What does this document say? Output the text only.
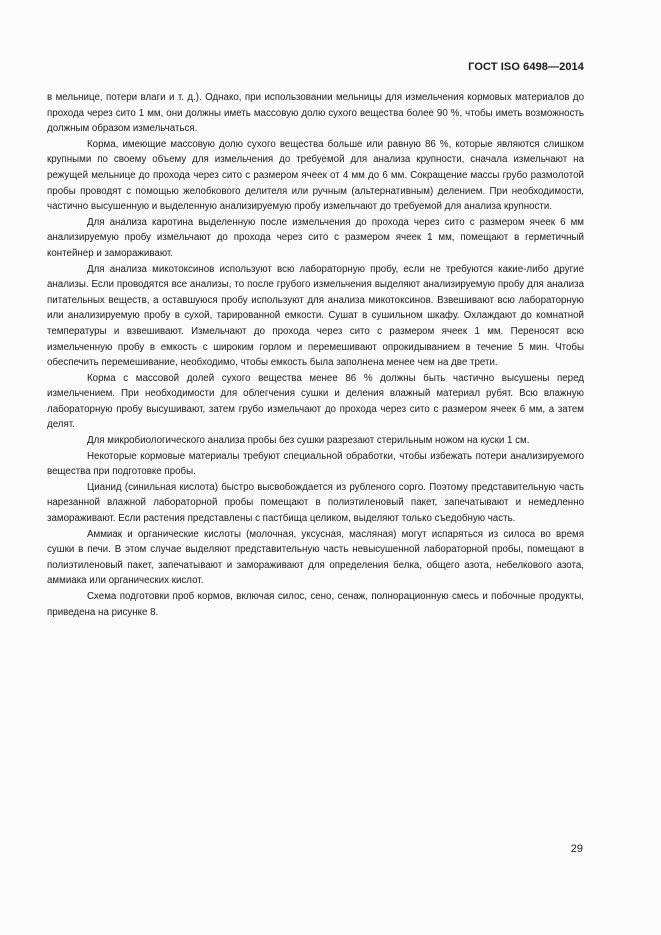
ГОСТ ISO 6498—2014

в мельнице, потери влаги и т. д.). Однако, при использовании мельницы для измельчения кормовых материалов до прохода через сито 1 мм, они должны иметь массовую долю сухого вещества более 90 %, чтобы иметь возможность должным образом измельчаться.

Корма, имеющие массовую долю сухого вещества больше или равную 86 %, которые являются слишком крупными по своему объему для измельчения до требуемой для анализа крупности, сначала измельчают на режущей мельнице до прохода через сито с размером ячеек от 4 мм до 6 мм. Сокращение массы грубо размолотой пробы проводят с помощью желобкового делителя или ручным (альтернативным) делением. При необходимости, частично высушенную и выделенную анализируемую пробу измельчают до требуемой для анализа крупности.

Для анализа каротина выделенную после измельчения до прохода через сито с размером ячеек 6 мм анализируемую пробу измельчают до прохода через сито с размером ячеек 1 мм, помещают в герметичный контейнер и замораживают.

Для анализа микотоксинов используют всю лабораторную пробу, если не требуются какие-либо другие анализы. Если проводятся все анализы, то после грубого измельчения выделяют анализируемую пробу для анализа питательных веществ, а оставшуюся пробу используют для анализа микотоксинов. Взвешивают всю лабораторную или анализируемую пробу в сухой, тарированной емкости. Сушат в сушильном шкафу. Охлаждают до комнатной температуры и взвешивают. Измельчают до прохода через сито с размером ячеек 1 мм. Переносят всю измельченную пробу в емкость с широким горлом и перемешивают опрокидыванием в течение 5 мин. Чтобы обеспечить перемешивание, необходимо, чтобы емкость была заполнена менее чем на две трети.

Корма с массовой долей сухого вещества менее 86 % должны быть частично высушены перед измельчением. При необходимости для облегчения сушки и деления влажный материал рубят. Всю влажную лабораторную пробу высушивают, затем грубо измельчают до прохода через сито с размером ячеек 6 мм, а затем делят.

Для микробиологического анализа пробы без сушки разрезают стерильным ножом на куски 1 см.

Некоторые кормовые материалы требуют специальной обработки, чтобы избежать потери анализируемого вещества при подготовке пробы.

Цианид (синильная кислота) быстро высвобождается из рубленого сорго. Поэтому представительную часть нарезанной влажной лабораторной пробы помещают в полиэтиленовый пакет, запечатывают и немедленно замораживают. Если растения представлены с пастбища целиком, выделяют только съедобную часть.

Аммиак и органические кислоты (молочная, уксусная, масляная) могут испаряться из силоса во время сушки в печи. В этом случае выделяют представительную часть невысушенной лабораторной пробы, помещают в полиэтиленовый пакет, запечатывают и замораживают для определения белка, общего азота, небелкового азота, аммиака или органических кислот.

Схема подготовки проб кормов, включая силос, сено, сенаж, полнорационную смесь и побочные продукты, приведена на рисунке 8.

29
